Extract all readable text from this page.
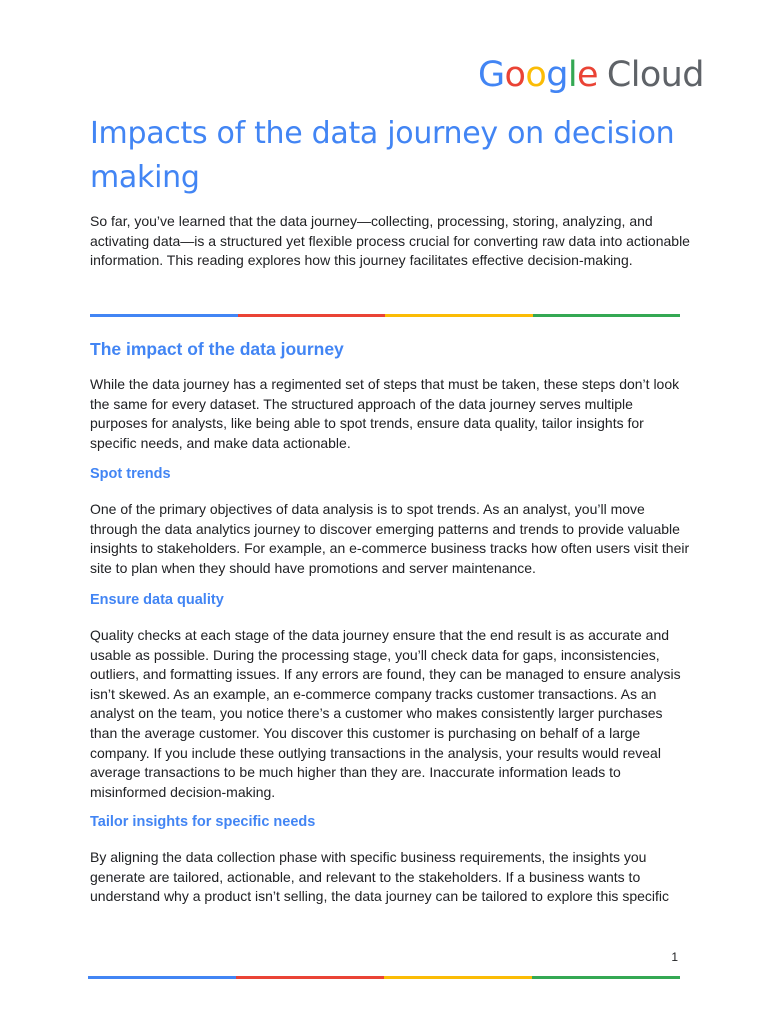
Google Cloud
Impacts of the data journey on decision making

So far, you’ve learned that the data journey—collecting, processing, storing, analyzing, and activating data—is a structured yet flexible process crucial for converting raw data into actionable information. This reading explores how this journey facilitates effective decision-making.

The impact of the data journey

While the data journey has a regimented set of steps that must be taken, these steps don’t look the same for every dataset. The structured approach of the data journey serves multiple purposes for analysts, like being able to spot trends, ensure data quality, tailor insights for specific needs, and make data actionable.

Spot trends

One of the primary objectives of data analysis is to spot trends. As an analyst, you’ll move through the data analytics journey to discover emerging patterns and trends to provide valuable insights to stakeholders. For example, an e-commerce business tracks how often users visit their site to plan when they should have promotions and server maintenance.

Ensure data quality

Quality checks at each stage of the data journey ensure that the end result is as accurate and usable as possible. During the processing stage, you’ll check data for gaps, inconsistencies, outliers, and formatting issues. If any errors are found, they can be managed to ensure analysis isn’t skewed. As an example, an e-commerce company tracks customer transactions. As an analyst on the team, you notice there’s a customer who makes consistently larger purchases than the average customer. You discover this customer is purchasing on behalf of a large company. If you include these outlying transactions in the analysis, your results would reveal average transactions to be much higher than they are. Inaccurate information leads to misinformed decision-making.

Tailor insights for specific needs

By aligning the data collection phase with specific business requirements, the insights you generate are tailored, actionable, and relevant to the stakeholders. If a business wants to understand why a product isn’t selling, the data journey can be tailored to explore this specific

1
